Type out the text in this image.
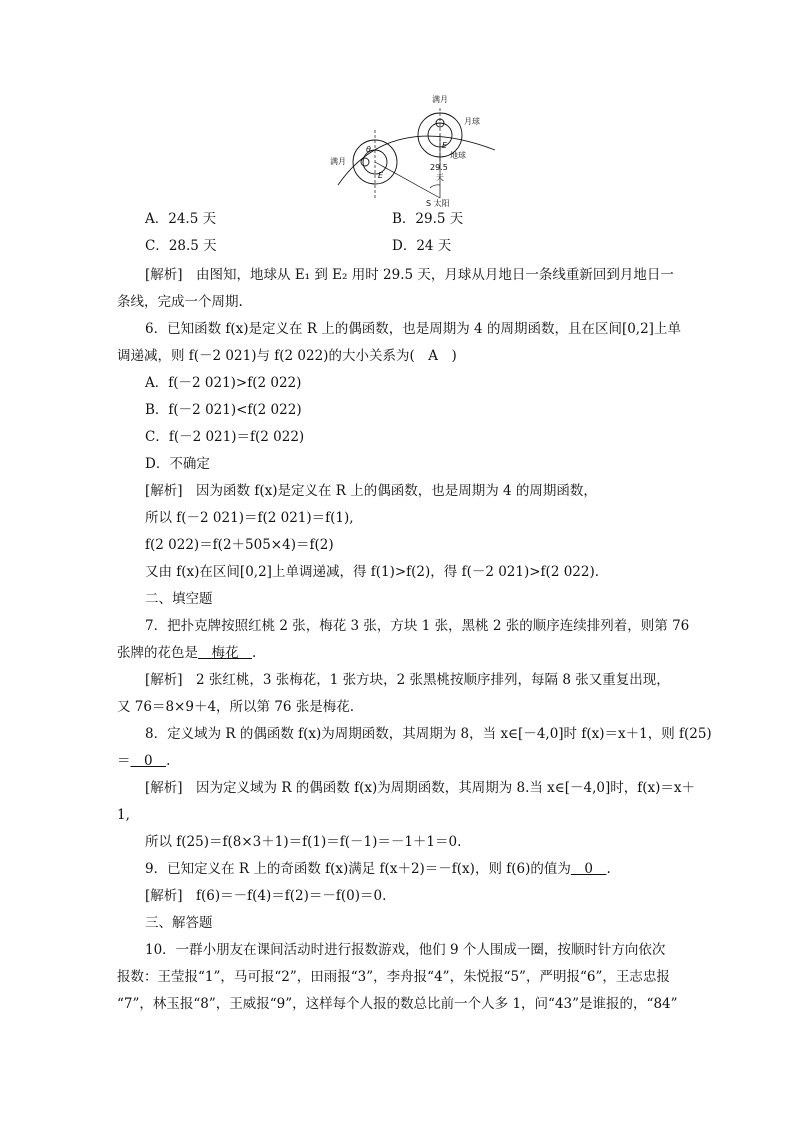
满月
满月
月球
地球
29.5
天
S 太阳
E
E
θ
A．24.5 天	B．29.5 天
C．28.5 天	D．24 天
[解析]　由图知，地球从 E₁ 到 E₂ 用时 29.5 天，月球从月地日一条线重新回到月地日一
条线，完成一个周期.
6．已知函数 f(x)是定义在 R 上的偶函数，也是周期为 4 的周期函数，且在区间[0,2]上单
调递减，则 f(－2 021)与 f(2 022)的大小关系为(　A　)
A．f(－2 021)>f(2 022)
B．f(－2 021)<f(2 022)
C．f(－2 021)＝f(2 022)
D．不确定
[解析]　因为函数 f(x)是定义在 R 上的偶函数，也是周期为 4 的周期函数，
所以 f(－2 021)＝f(2 021)＝f(1),
f(2 022)＝f(2＋505×4)＝f(2)
又由 f(x)在区间[0,2]上单调递减，得 f(1)>f(2)，得 f(－2 021)>f(2 022).
二、填空题
7．把扑克牌按照红桃 2 张，梅花 3 张，方块 1 张，黑桃 2 张的顺序连续排列着，则第 76
张牌的花色是　梅花　.
[解析]　2 张红桃，3 张梅花，1 张方块，2 张黑桃按顺序排列，每隔 8 张又重复出现，
又 76＝8×9＋4，所以第 76 张是梅花.
8．定义域为 R 的偶函数 f(x)为周期函数，其周期为 8，当 x∈[－4,0]时 f(x)＝x＋1，则 f(25)
＝　0　.
[解析]　因为定义域为 R 的偶函数 f(x)为周期函数，其周期为 8.当 x∈[－4,0]时，f(x)＝x＋
1,
所以 f(25)＝f(8×3＋1)＝f(1)＝f(－1)＝－1＋1＝0.
9．已知定义在 R 上的奇函数 f(x)满足 f(x＋2)＝－f(x)，则 f(6)的值为　0　.
[解析]　f(6)＝－f(4)＝f(2)＝－f(0)＝0.
三、解答题
10．一群小朋友在课间活动时进行报数游戏，他们 9 个人围成一圈，按顺时针方向依次
报数：王莹报“1”，马可报“2”，田雨报“3”，李舟报“4”，朱悦报“5”，严明报“6”，王志忠报
“7”，林玉报“8”，王威报“9”，这样每个人报的数总比前一个人多 1，问“43”是谁报的，“84”
